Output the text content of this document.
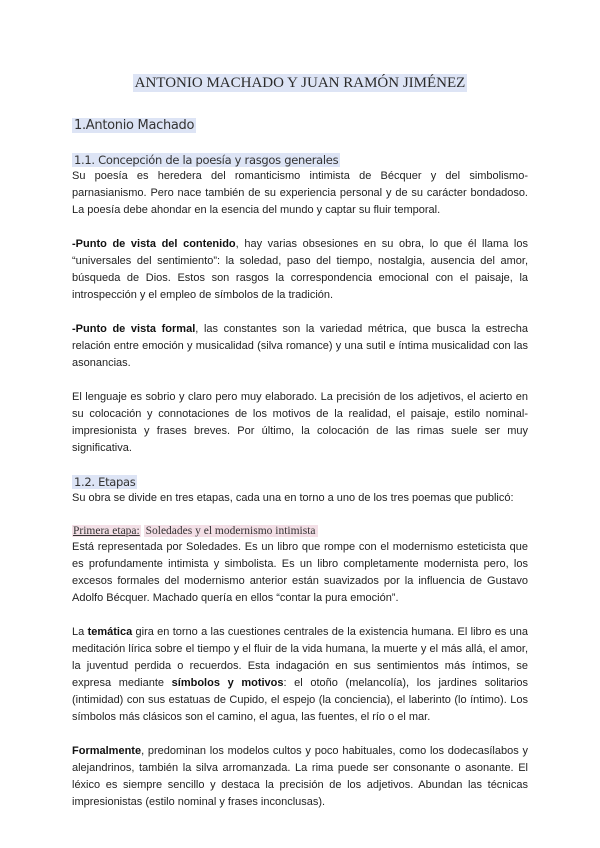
ANTONIO MACHADO Y JUAN RAMÓN JIMÉNEZ
1.Antonio Machado
1.1. Concepción de la poesía y rasgos generales

Su poesía es heredera del romanticismo intimista de Bécquer y del simbolismo-parnasianismo. Pero nace también de su experiencia personal y de su carácter bondadoso. La poesía debe ahondar en la esencia del mundo y captar su fluir temporal.

-Punto de vista del contenido, hay varias obsesiones en su obra, lo que él llama los “universales del sentimiento”: la soledad, paso del tiempo, nostalgia, ausencia del amor, búsqueda de Dios. Estos son rasgos la correspondencia emocional con el paisaje, la introspección y el empleo de símbolos de la tradición.

-Punto de vista formal, las constantes son la variedad métrica, que busca la estrecha relación entre emoción y musicalidad (silva romance) y una sutil e íntima musicalidad con las asonancias.

El lenguaje es sobrio y claro pero muy elaborado. La precisión de los adjetivos, el acierto en su colocación y connotaciones de los motivos de la realidad, el paisaje, estilo nominal-impresionista y frases breves. Por último, la colocación de las rimas suele ser muy significativa.

1.2. Etapas

Su obra se divide en tres etapas, cada una en torno a uno de los tres poemas que publicó:

Primera etapa: Soledades y el modernismo intimista

Está representada por Soledades. Es un libro que rompe con el modernismo esteticista que es profundamente intimista y simbolista. Es un libro completamente modernista pero, los excesos formales del modernismo anterior están suavizados por la influencia de Gustavo Adolfo Bécquer. Machado quería en ellos “contar la pura emoción”.

La temática gira en torno a las cuestiones centrales de la existencia humana. El libro es una meditación lírica sobre el tiempo y el fluir de la vida humana, la muerte y el más allá, el amor, la juventud perdida o recuerdos. Esta indagación en sus sentimientos más íntimos, se expresa mediante símbolos y motivos: el otoño (melancolía), los jardines solitarios (intimidad) con sus estatuas de Cupido, el espejo (la conciencia), el laberinto (lo íntimo). Los símbolos más clásicos son el camino, el agua, las fuentes, el río o el mar.

Formalmente, predominan los modelos cultos y poco habituales, como los dodecasílabos y alejandrinos, también la silva arromanzada. La rima puede ser consonante o asonante. El léxico es siempre sencillo y destaca la precisión de los adjetivos. Abundan las técnicas impresionistas (estilo nominal y frases inconclusas).
